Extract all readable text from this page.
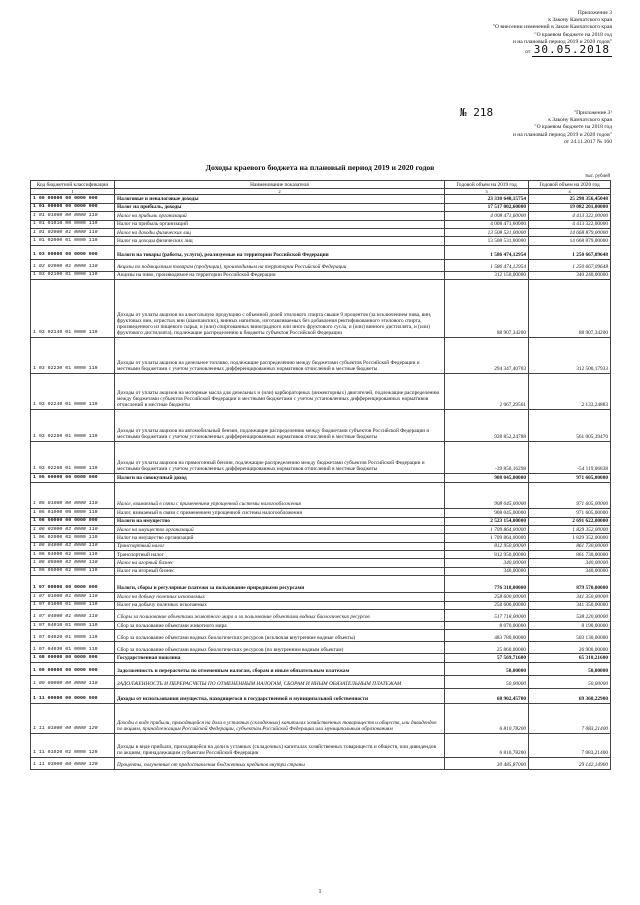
Приложение 3
к Закону Камчатского края
"О внесении изменений в Закон Камчатского края
"О краевом бюджете на 2018 год
и на плановый период 2019 и 2020 годов"
от 30.05.2018
№ 218	"Приложение 3¹
к Закону Камчатского края
"О краевом бюджете на 2018 год
и на плановый период 2019 и 2020 годов"
от 24.11.2017 № 160
Доходы краевого бюджета на плановый период 2019 и 2020 годов
тыс. рублей
Код бюджетной классификации	Наименование показателя	Годовой объем на 2019 год	Годовой объем на 2020 год
1	2	3	4
1 00 00000 00 0000 000	Налоговые и неналоговые доходы	23 330 640,15754	25 298 356,45048
1 01 00000 00 0000 000	Налог на прибыль, доходы	17 517 002,60000	19 082 201,00000
1 01 01000 00 0000 110	Налог на прибыль организаций	4 008 471,60000	4 413 322,00000
1 01 01010 00 0000 110	Налог на прибыль организаций	4 008 471,60000	4 413 322,00000
1 01 02000 01 0000 110	Налог на доходы физических лиц	13 508 531,00000	14 668 879,00000
1 01 02000 01 0000 110	Налог на доходы физических лиц	13 508 531,00000	14 668 879,00000
1 03 00000 00 0000 000	Налоги на товары (работы, услуги), реализуемые на территории Российской Федерации	1 586 474,12954	1 250 667,09648
1 03 02000 01 0000 110	Акцизы по подакцизным товарам (продукции), производимым на территории Российской Федерации	1 586 474,12954	1 250 667,09648
1 03 02100 01 0000 110	Акцизы на пиво, производимое на территории Российской Федерации	312 150,00000	340 240,00000
1 03 02140 01 0000 110	Доходы от уплаты акцизов на алкогольную продукцию с объемной долей этилового спирта свыше 9 процентов (за исключением пива, вин, фруктовых вин, игристых вин (шампанских), винных напитков, изготавливаемых без добавления ректификованного этилового спирта, произведенного из пищевого сырья, и (или) спиртованных виноградного или иного фруктового сусла, и (или) винного дистиллята, и (или) фруктового дистиллята), подлежащие распределению в бюджеты субъектов Российской Федерации	88 907,34200	88 907,34200
1 03 02230 01 0000 110	Доходы от уплаты акцизов на дизельное топливо, подлежащие распределению между бюджетами субъектов Российской Федерации и местными бюджетами с учетом установленных дифференцированных нормативов отчислений в местные бюджеты	294 347,40703	312 500,17933
1 03 02240 01 0000 110	Доходы от уплаты акцизов на моторные масла для дизельных и (или) карбюраторных (инжекторных) двигателей, подлежащие распределению между бюджетами субъектов Российской Федерации и местными бюджетами с учетом установленных дифференцированных нормативов отчислений в местные бюджеты	2 067,29561	2 133,24883
1 03 02250 01 0000 110	Доходы от уплаты акцизов на автомобильный бензин, подлежащие распределению между бюджетами субъектов Российской Федерации и местными бюджетами с учетом установленных дифференцированных нормативов отчислений в местные бюджеты	928 852,24788	561 005,39470
1 03 02260 01 0000 110	Доходы от уплаты акцизов на прямогонный бензин, подлежащие распределению между бюджетами субъектов Российской Федерации и местными бюджетами с учетом установленных дифференцированных нормативов отчислений в местные бюджеты	-39 850,16298	-54 119,06838
1 05 00000 00 0000 000	Налоги на совокупный доход	908 045,00000	971 605,00000
1 05 01000 00 0000 110	Налог, взимаемый в связи с применением упрощенной системы налогообложения	908 045,00000	971 605,00000
1 05 01000 00 0000 110	Налог, взимаемый в связи с применением упрощенной системы налогообложения	908 045,00000	971 605,00000
1 06 00000 00 0000 000	Налоги на имущество	2 523 154,00000	2 691 622,00000
1 06 02000 02 0000 110	Налог на имущество организаций	1 709 864,00000	1 829 352,00000
1 06 02000 02 0000 110	Налог на имущество организаций	1 709 864,00000	1 829 352,00000
1 06 04000 02 0000 110	Транспортный налог	812 950,00000	861 730,00000
1 06 04000 02 0000 110	Транспортный налог	812 950,00000	861 730,00000
1 06 05000 02 0000 110	Налог на игорный бизнес	340,00000	340,00000
1 06 05000 02 0000 110	Налог на игорный бизнес	340,00000	340,00000
1 07 00000 00 0000 000	Налоги, сборы и регулярные платежи за пользование природными ресурсами	776 318,00000	879 570,00000
1 07 01000 01 0000 110	Налог на добычу полезных ископаемых	258 600,00000	341 350,00000
1 07 01000 01 0000 110	Налог на добычу полезных ископаемых	258 600,00000	341 350,00000
1 07 04000 01 0000 110	Сборы за пользование объектами животного мира и за пользование объектами водных биологических ресурсов	517 718,00000	538 220,00000
1 07 04010 01 0000 110	Сбор за пользование объектами животного мира	8 070,00000	8 190,00000
1 07 04020 01 0000 110	Сбор за пользование объектами водных биологических ресурсов (исключая внутренние водные объекты)	483 780,00000	503 130,00000
1 07 04030 01 0000 110	Сбор за пользование объектами водных биологических ресурсов (по внутренним водным объектам)	25 860,00000	26 900,00000
1 08 00000 00 0000 000	Государственная пошлина	57 569,71600	65 310,21600
1 09 00000 00 0000 000	Задолженность и перерасчеты по отмененным налогам, сборам и иным обязательным платежам	50,00000	50,00000
1 09 00000 00 0000 110	ЗАДОЛЖЕННОСТЬ И ПЕРЕРАСЧЕТЫ ПО ОТМЕНЕННЫМ НАЛОГАМ, СБОРАМ И ИНЫМ ОБЯЗАТЕЛЬНЫМ ПЛАТЕЖАМ	50,00000	50,00000
1 11 00000 00 0000 000	Доходы от использования имущества, находящегося в государственной и муниципальной собственности	68 902,45700	69 360,22900
1 11 01000 00 0000 120	Доходы в виде прибыли, приходящейся на доли в уставных (складочных) капиталах хозяйственных товариществ и обществ, или дивидендов по акциям, принадлежащим Российской Федерации, субъектам Российской Федерации или муниципальным образованиям	6 810,78200	7 083,21400
1 11 01020 02 0000 120	Доходы в виде прибыли, приходящейся на доли в уставных (складочных) капиталах хозяйственных товариществ и обществ, или дивидендов по акциям, принадлежащим субъектам Российской Федерации	6 810,78200	7 083,21400
1 11 03000 00 0000 120	Проценты, полученные от предоставления бюджетных кредитов внутри страны	30 485,87000	29 142,14900
1
